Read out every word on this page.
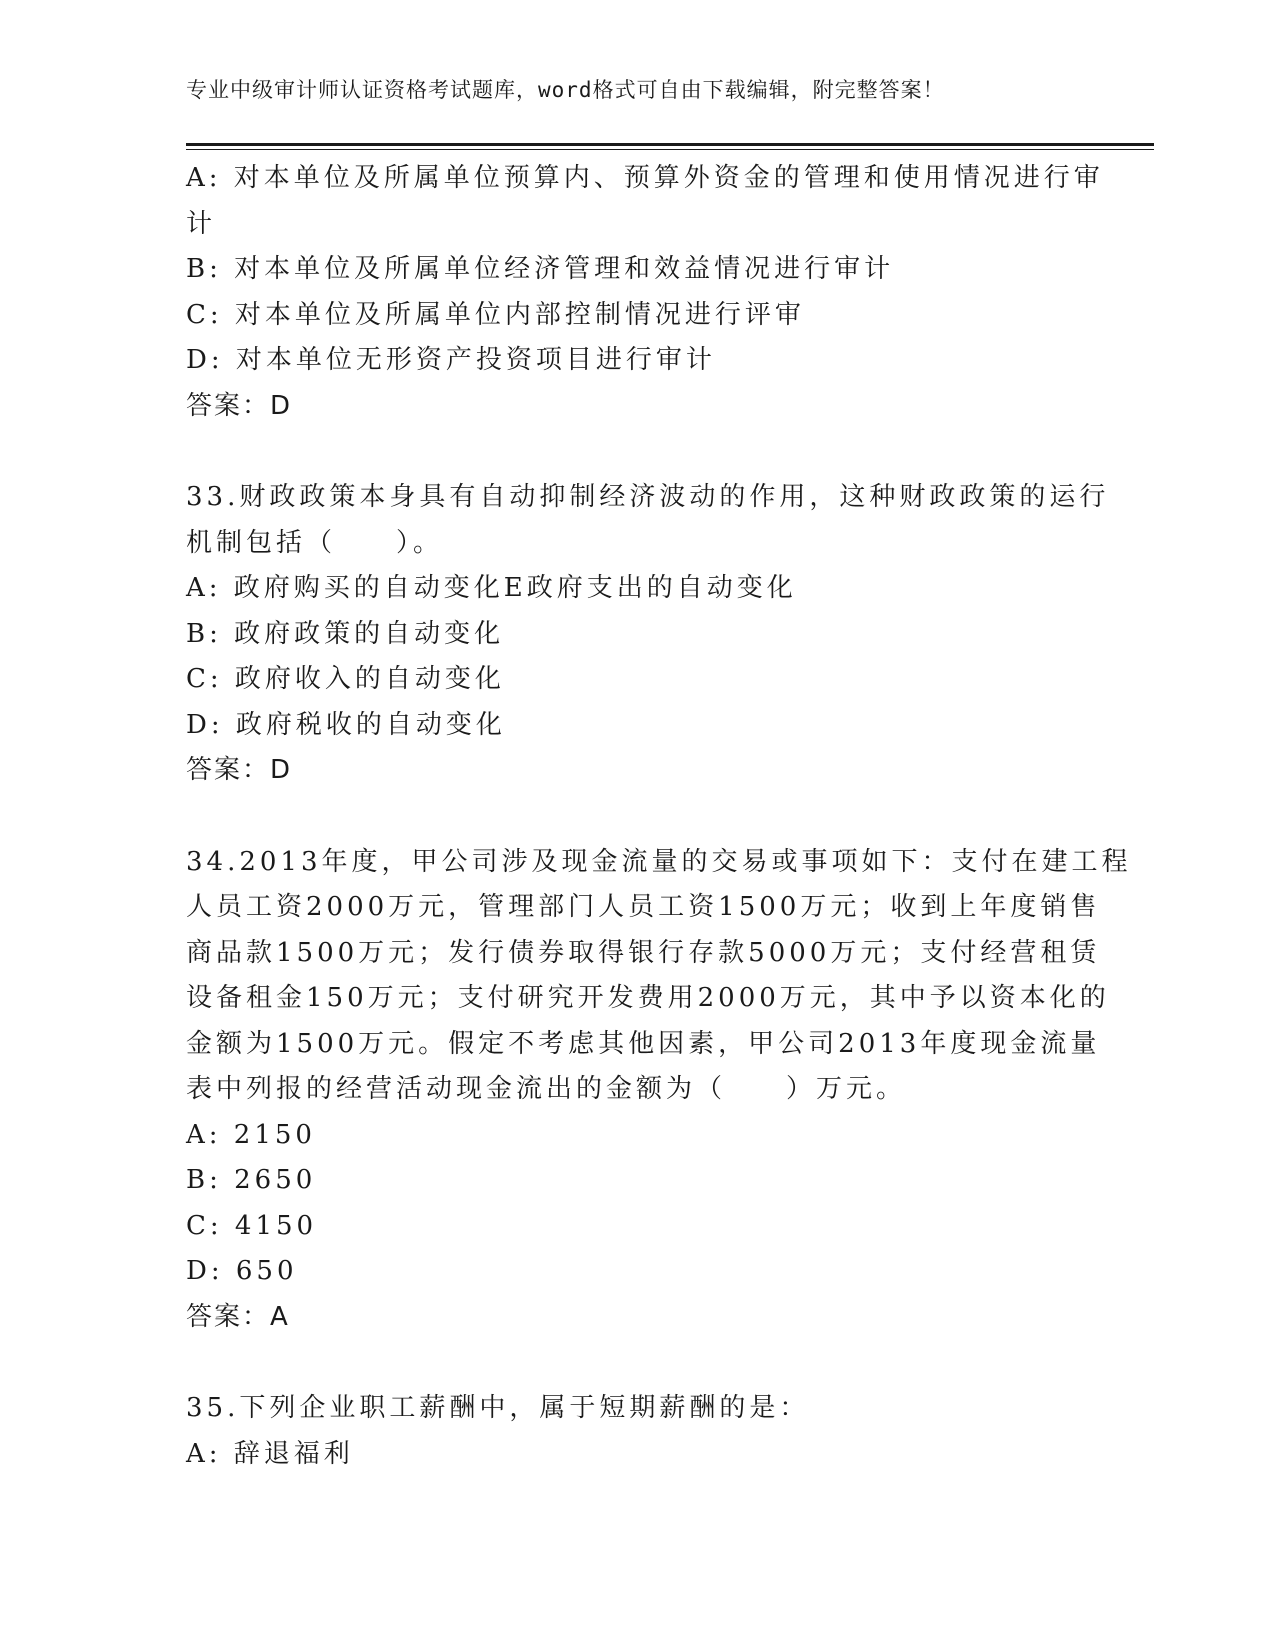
专业中级审计师认证资格考试题库，word格式可自由下载编辑，附完整答案！
A: 对本单位及所属单位预算内、预算外资金的管理和使用情况进行审
计
B: 对本单位及所属单位经济管理和效益情况进行审计
C: 对本单位及所属单位内部控制情况进行评审
D: 对本单位无形资产投资项目进行审计
答案：D
33.财政政策本身具有自动抑制经济波动的作用，这种财政政策的运行
机制包括（　　）。
A: 政府购买的自动变化E政府支出的自动变化
B: 政府政策的自动变化
C: 政府收入的自动变化
D: 政府税收的自动变化
答案：D
34.2013年度，甲公司涉及现金流量的交易或事项如下：支付在建工程
人员工资2000万元，管理部门人员工资1500万元；收到上年度销售
商品款1500万元；发行债券取得银行存款5000万元；支付经营租赁
设备租金150万元；支付研究开发费用2000万元，其中予以资本化的
金额为1500万元。假定不考虑其他因素，甲公司2013年度现金流量
表中列报的经营活动现金流出的金额为（　　）万元。
A: 2150
B: 2650
C: 4150
D: 650
答案：A
35.下列企业职工薪酬中，属于短期薪酬的是：
A: 辞退福利
